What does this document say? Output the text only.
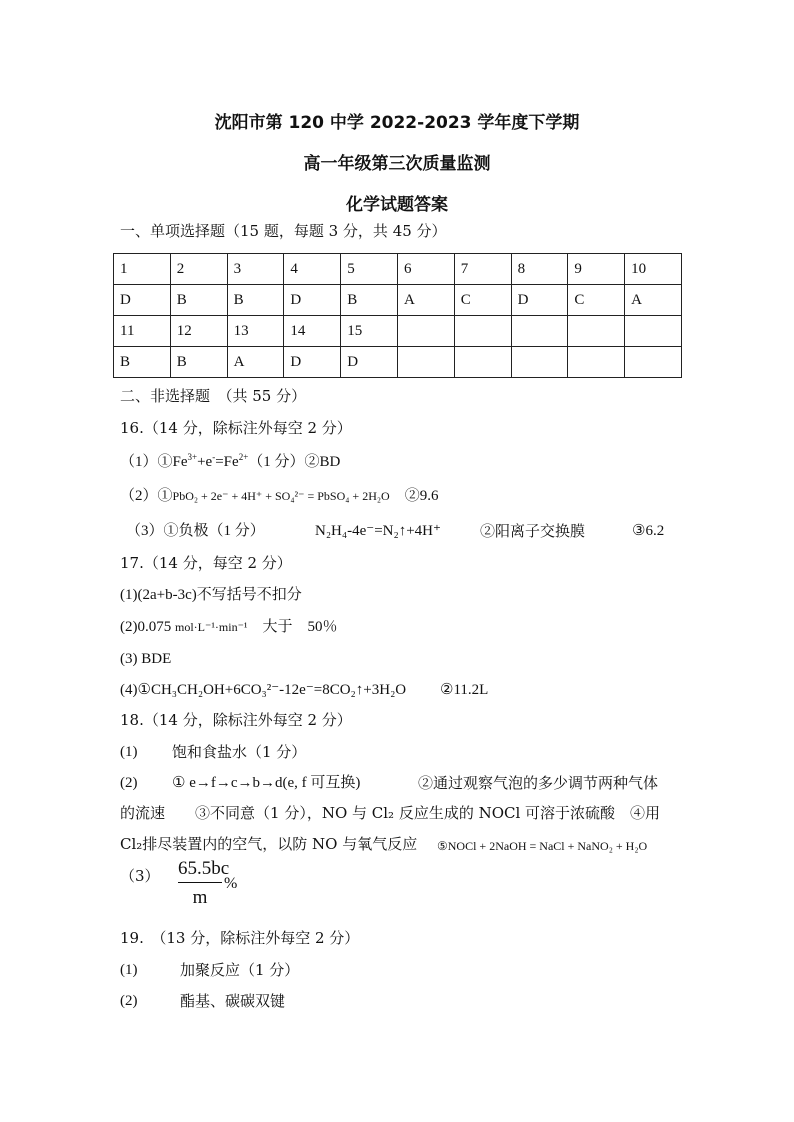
沈阳市第 120 中学 2022-2023 学年度下学期
高一年级第三次质量监测
化学试题答案
一、单项选择题（15 题，每题 3 分，共 45 分）
1	2	3	4	5	6	7	8	9	10
D	B	B	D	B	A	C	D	C	A
11	12	13	14	15					
B	B	A	D	D					
二、非选择题　（共 55 分）
16.（14 分，除标注外每空 2 分）
$(1)①Fe^{3+}+e^-=Fe^{2+}(1$ 分）②BD
（2）①PbO₂ + 2e⁻ + 4H⁺ + SO₄²⁻ = PbSO₄ + 2H₂O　 ②9.6
（3）①负极（1 分）	N₂H₄-4e⁻=N₂↑+4H⁺	②阳离子交换膜	③6.2
17.（14 分，每空 2 分）
(1)(2a+b-3c)不写括号不扣分
(2)0.075 mol·L⁻¹·min⁻¹　 大于　50％
(3) BDE
(4)①CH₃CH₂OH+6CO₃²⁻-12e⁻=8CO₂↑+3H₂O ②11.2L
18.（14 分，除标注外每空 2 分）
(1) 饱和食盐水（1 分）
(2) ① e→f→c→b→d(e, f 可互换)	②通过观察气泡的多少调节两种气体
的流速　　③不同意（1 分），NO 与 Cl₂ 反应生成的 NOCl 可溶于浓硫酸　④用
Cl₂排尽装置内的空气，以防 NO 与氧气反应 ⑤NOCl + 2NaOH = NaCl + NaNO₂ + H₂O
$(3) \frac{65.5bc}{m}$ %
19.　（13 分，除标注外每空 2 分）
(1)	加聚反应（1 分）
(2)	酯基、碳碳双键
